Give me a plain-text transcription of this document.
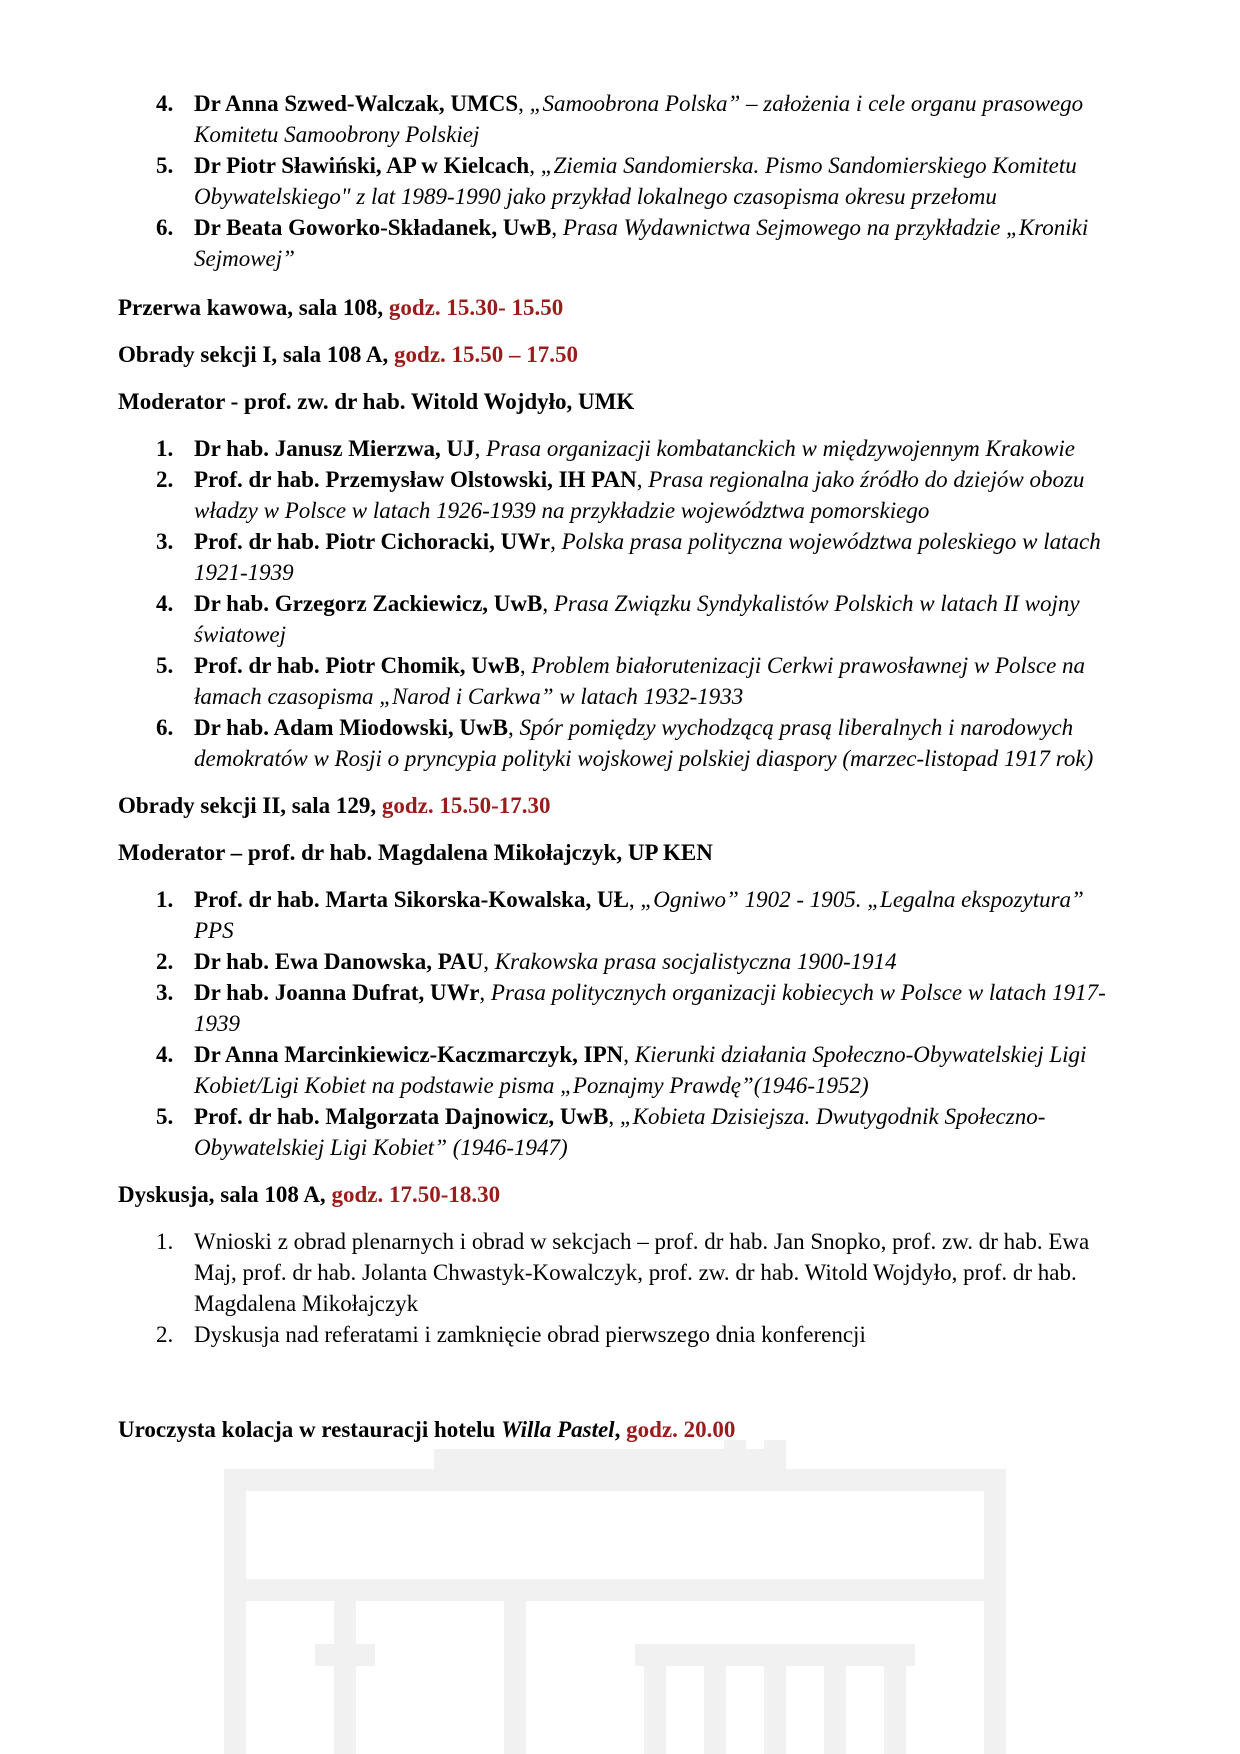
4. Dr Anna Szwed-Walczak, UMCS, „Samoobrona Polska” – założenia i cele organu prasowego Komitetu Samoobrony Polskiej
5. Dr Piotr Sławiński, AP w Kielcach, „Ziemia Sandomierska. Pismo Sandomierskiego Komitetu Obywatelskiego" z lat 1989-1990 jako przykład lokalnego czasopisma okresu przełomu
6. Dr Beata Goworko-Składanek, UwB, Prasa Wydawnictwa Sejmowego na przykładzie „Kroniki Sejmowej”
Przerwa kawowa, sala 108, godz. 15.30- 15.50
Obrady sekcji I, sala 108 A, godz. 15.50 – 17.50
Moderator - prof. zw. dr hab. Witold Wojdyło, UMK
1. Dr hab. Janusz Mierzwa, UJ, Prasa organizacji kombatanckich w międzywojennym Krakowie
2. Prof. dr hab. Przemysław Olstowski, IH PAN, Prasa regionalna jako źródło do dziejów obozu władzy w Polsce w latach 1926-1939 na przykładzie województwa pomorskiego
3. Prof. dr hab. Piotr Cichoracki, UWr, Polska prasa polityczna województwa poleskiego w latach 1921-1939
4. Dr hab. Grzegorz Zackiewicz, UwB, Prasa Związku Syndykalistów Polskich w latach II wojny światowej
5. Prof. dr hab. Piotr Chomik, UwB, Problem białorutenizacji Cerkwi prawosławnej w Polsce na łamach czasopisma „Narod i Carkwa” w latach 1932-1933
6. Dr hab. Adam Miodowski, UwB, Spór pomiędzy wychodzącą prasą liberalnych i narodowych demokratów w Rosji o pryncypia polityki wojskowej polskiej diaspory (marzec-listopad 1917 rok)
Obrady sekcji II, sala 129, godz. 15.50-17.30
Moderator – prof. dr hab. Magdalena Mikołajczyk, UP KEN
1. Prof. dr hab. Marta Sikorska-Kowalska, UŁ, „Ogniwo” 1902 - 1905. „Legalna ekspozytura” PPS
2. Dr hab. Ewa Danowska, PAU, Krakowska prasa socjalistyczna 1900-1914
3. Dr hab. Joanna Dufrat, UWr, Prasa politycznych organizacji kobiecych w Polsce w latach 1917-1939
4. Dr Anna Marcinkiewicz-Kaczmarczyk, IPN, Kierunki działania Społeczno-Obywatelskiej Ligi Kobiet/Ligi Kobiet na podstawie pisma „Poznajmy Prawdę”(1946-1952)
5. Prof. dr hab. Malgorzata Dajnowicz, UwB, „Kobieta Dzisiejsza. Dwutygodnik Społeczno-Obywatelskiej Ligi Kobiet” (1946-1947)
Dyskusja, sala 108 A, godz. 17.50-18.30
1. Wnioski z obrad plenarnych i obrad w sekcjach – prof. dr hab. Jan Snopko, prof. zw. dr hab. Ewa Maj, prof. dr hab. Jolanta Chwastyk-Kowalczyk, prof. zw. dr hab. Witold Wojdyło, prof. dr hab. Magdalena Mikołajczyk
2. Dyskusja nad referatami i zamknięcie obrad pierwszego dnia konferencji
Uroczysta kolacja w restauracji hotelu Willa Pastel, godz. 20.00
